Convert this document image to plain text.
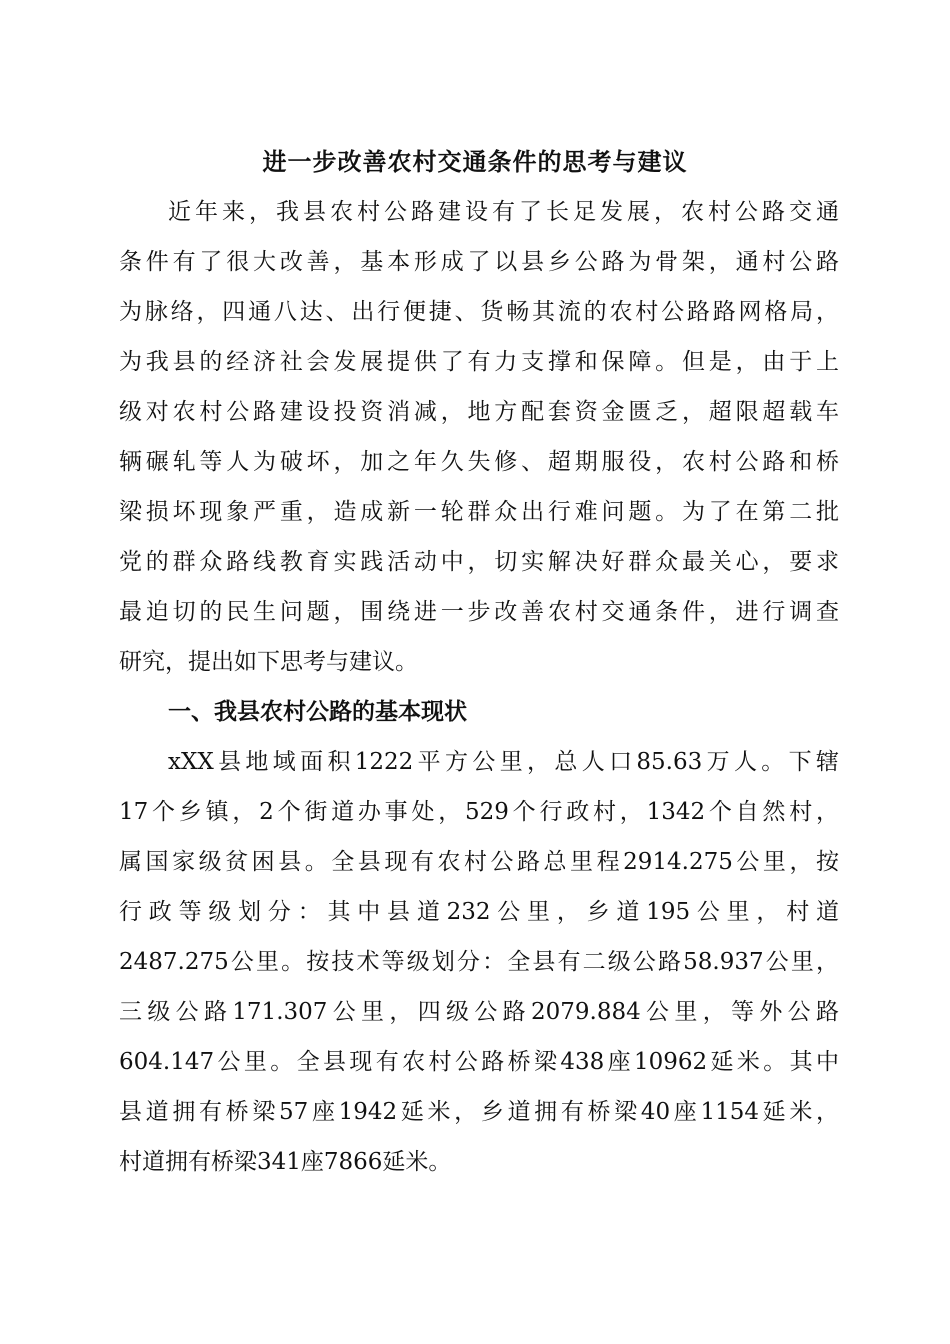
进一步改善农村交通条件的思考与建议
近年来，我县农村公路建设有了长足发展，农村公路交通
条件有了很大改善，基本形成了以县乡公路为骨架，通村公路
为脉络，四通八达、出行便捷、货畅其流的农村公路路网格局，
为我县的经济社会发展提供了有力支撑和保障。但是，由于上
级对农村公路建设投资消减，地方配套资金匮乏，超限超载车
辆碾轧等人为破坏，加之年久失修、超期服役，农村公路和桥
梁损坏现象严重，造成新一轮群众出行难问题。为了在第二批
党的群众路线教育实践活动中，切实解决好群众最关心，要求
最迫切的民生问题，围绕进一步改善农村交通条件，进行调查
研究，提出如下思考与建议。
一、我县农村公路的基本现状
xXX县地域面积1222平方公里，总人口85.63万人。下辖
17个乡镇，2个街道办事处，529个行政村，1342个自然村，
属国家级贫困县。全县现有农村公路总里程2914.275公里，按
行政等级划分：其中县道232公里，乡道195公里，村道
2487.275公里。按技术等级划分：全县有二级公路58.937公里，
三级公路171.307公里，四级公路2079.884公里，等外公路
604.147公里。全县现有农村公路桥梁438座10962延米。其中
县道拥有桥梁57座1942延米，乡道拥有桥梁40座1154延米，
村道拥有桥梁341座7866延米。
